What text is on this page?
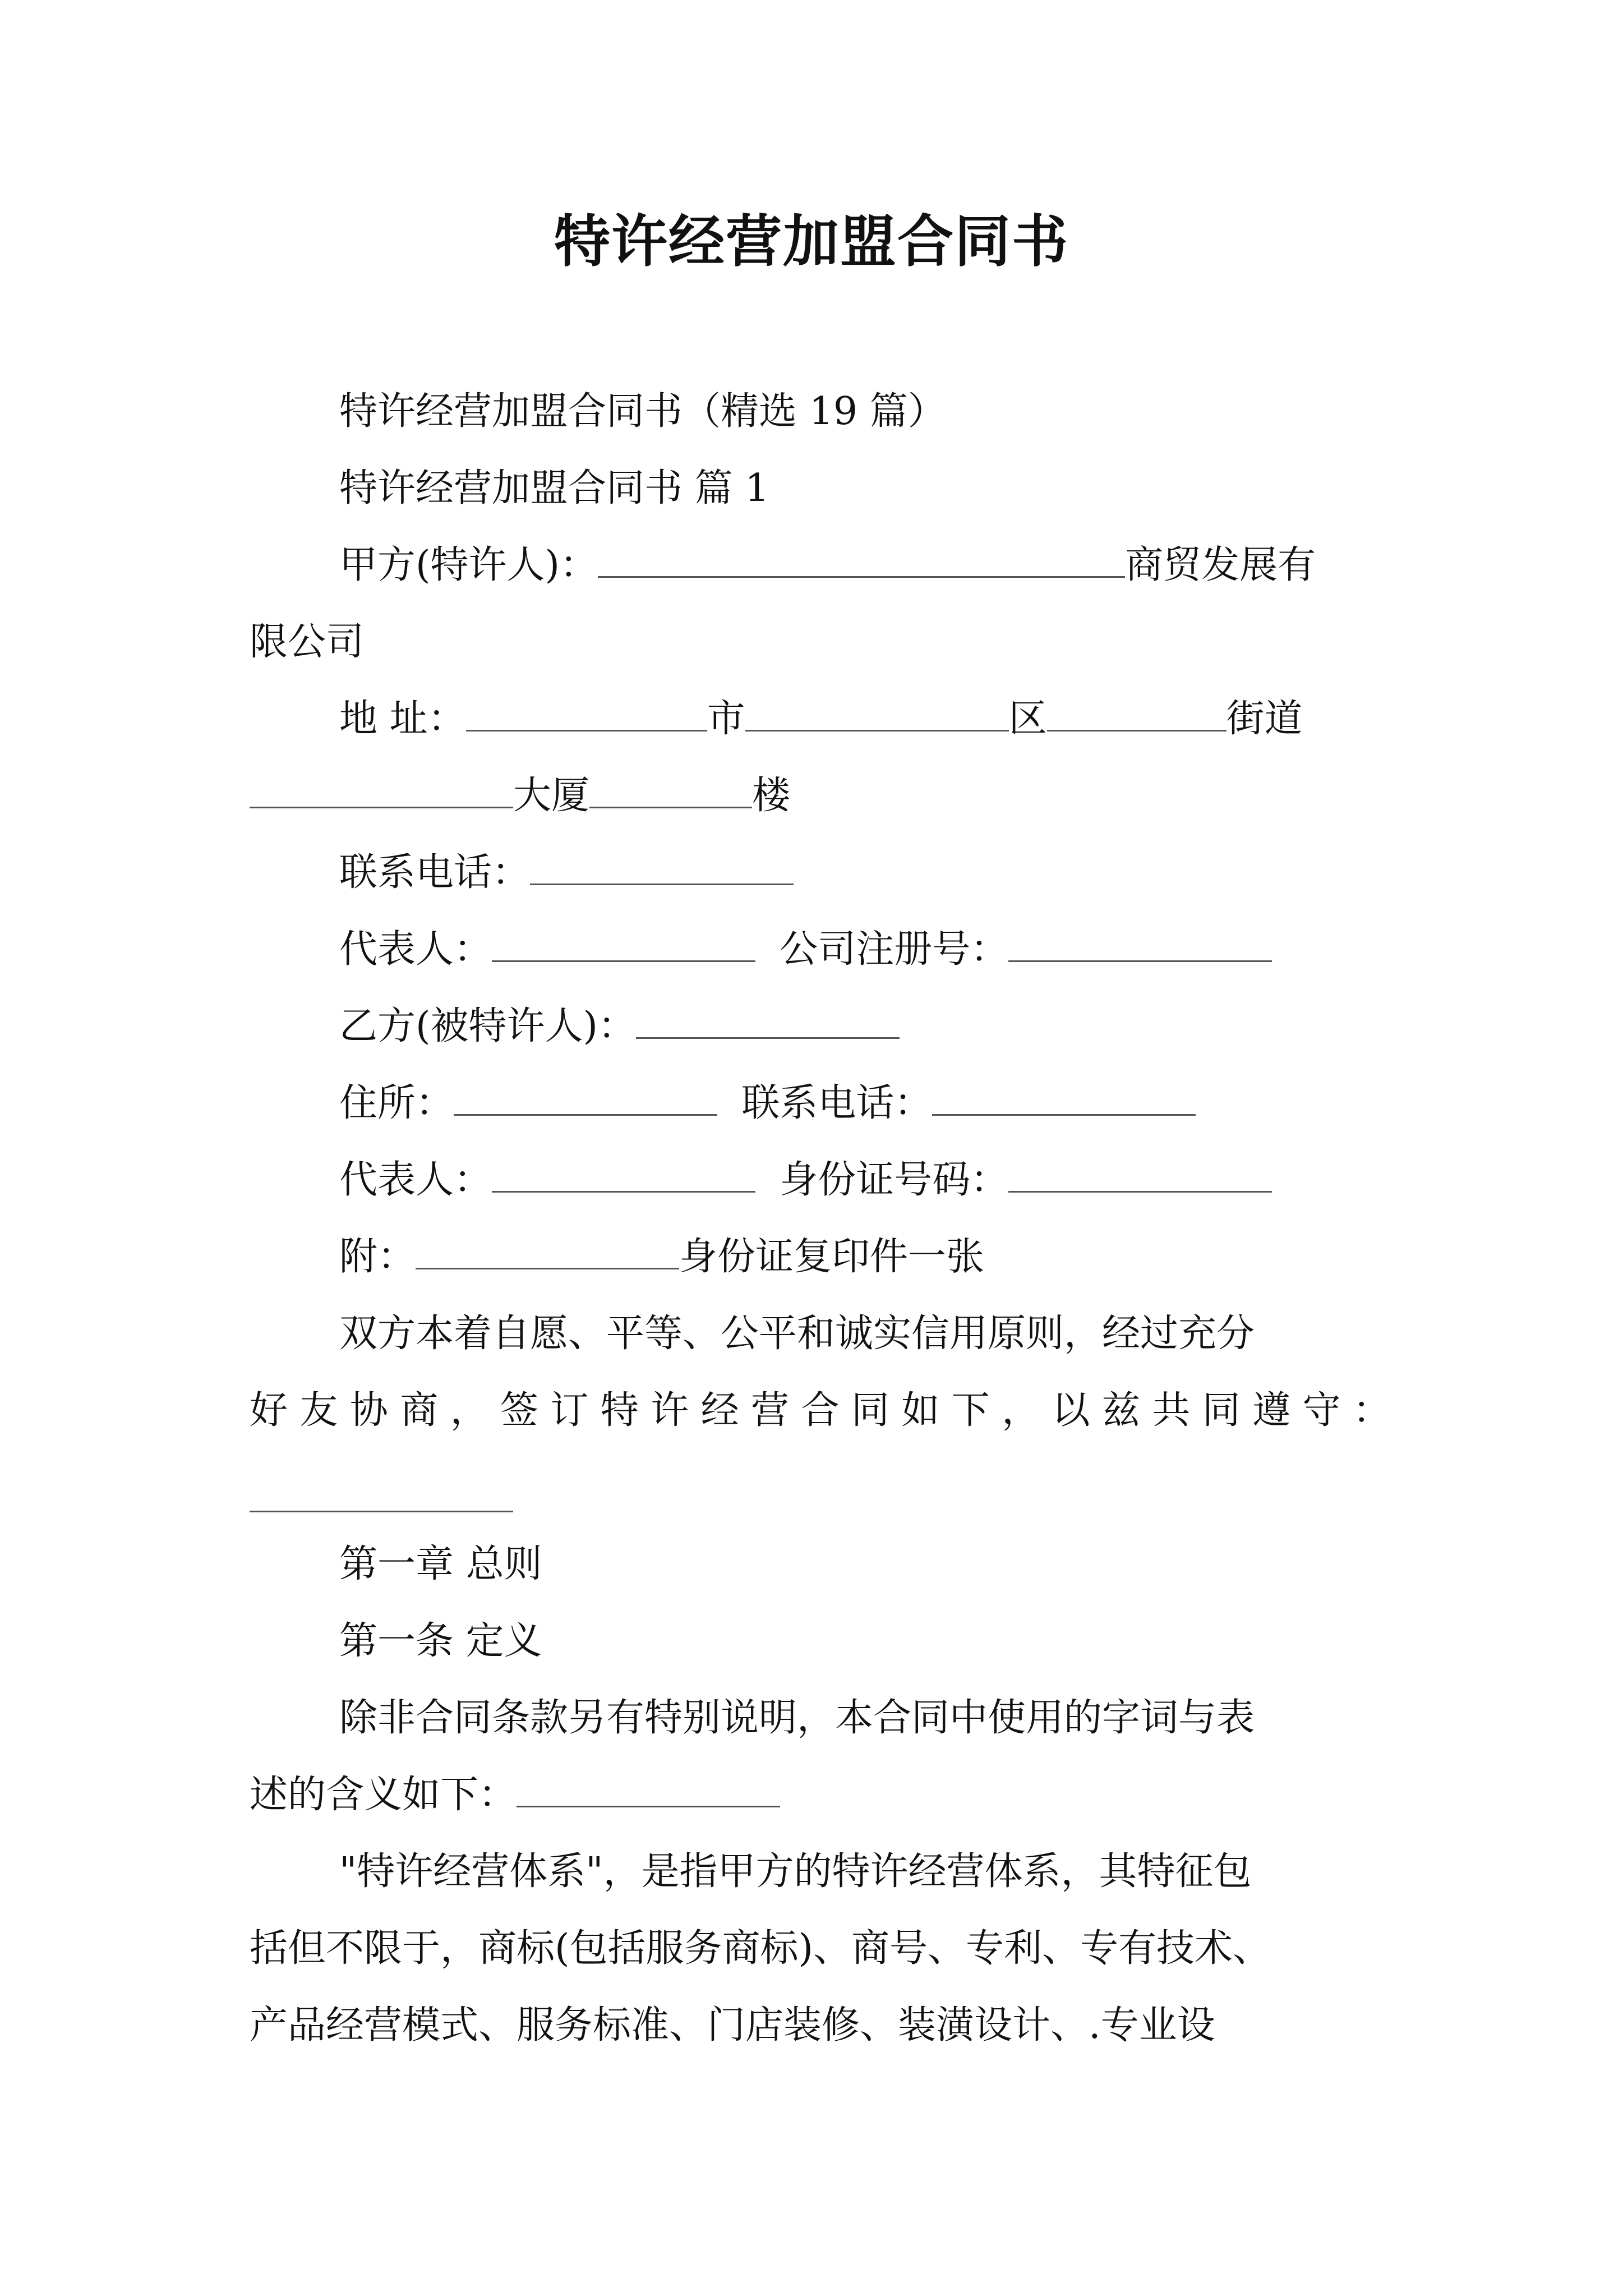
特许经营加盟合同书

特许经营加盟合同书（精选 19 篇）

特许经营加盟合同书 篇 1

甲方(特许人)：	商贸发展有

限公司

地 址：	市	区	街道

大厦	楼

联系电话：

代表人：	公司注册号：

乙方(被特许人)：

住所：	联系电话：

代表人：	身份证号码：

附：	身份证复印件一张

双方本着自愿、平等、公平和诚实信用原则，经过充分

好友协商，签订特许经营合同如下，以兹共同遵守：

第一章 总则

第一条 定义

除非合同条款另有特别说明，本合同中使用的字词与表

述的含义如下：

"特许经营体系"，是指甲方的特许经营体系，其特征包

括但不限于，商标(包括服务商标)、商号、专利、专有技术、

产品经营模式、服务标准、门店装修、装潢设计、.专业设
